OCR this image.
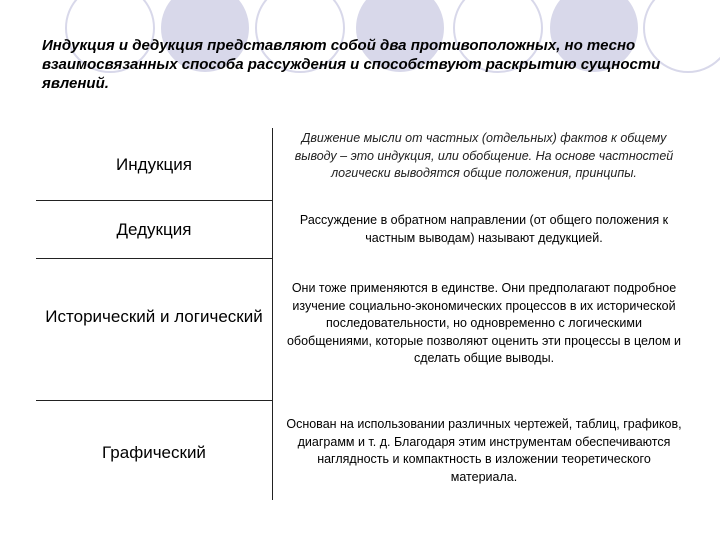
Индукция и дедукция представляют собой два противоположных, но тесно взаимосвязанных способа рассуждения и способствуют раскрытию сущности явлений.

Индукция
Движение мысли от частных (отдельных) фактов к общему выводу – это индукция, или обобщение. На основе частностей логически выводятся общие положения, принципы.
Дедукция	Рассуждение в обратном направлении (от общего положения к частным выводам) называют дедукцией.
Исторический и логический
Они тоже применяются в единстве. Они предполагают подробное изучение социально-экономических процессов в их исторической последовательности, но одновременно с логическими обобщениями, которые позволяют оценить эти процессы в целом и сделать общие выводы.
Графический
Основан на использовании различных чертежей, таблиц, графиков, диаграмм и т. д. Благодаря этим инструментам обеспечиваются наглядность и компактность в изложении теоретического материала.
